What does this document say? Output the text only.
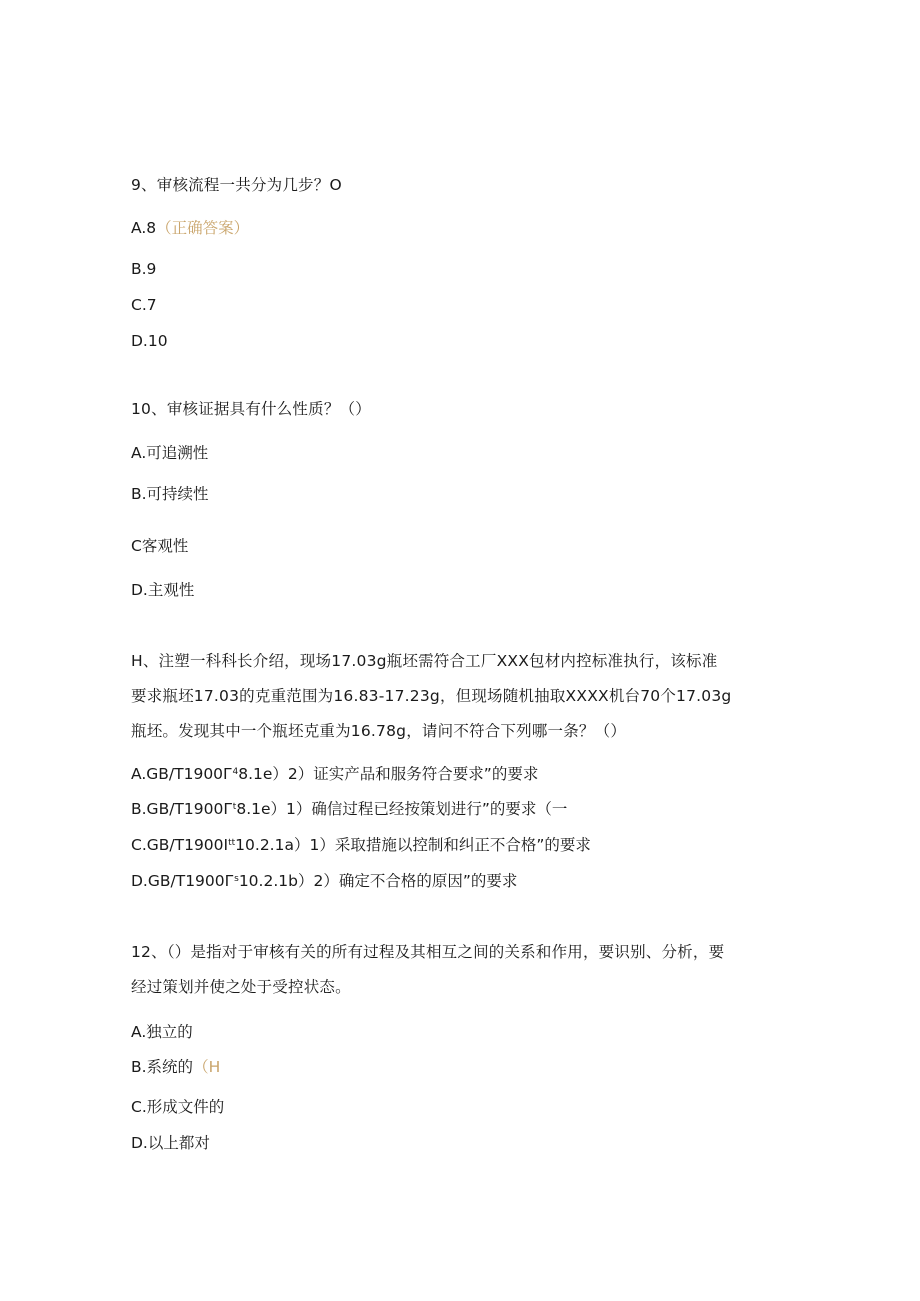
9、审核流程一共分为几步？O
A.8（正确答案）
B.9
C.7
D.10
10、审核证据具有什么性质？（）
A.可追溯性
B.可持续性
C客观性
D.主观性
H、注塑一科科长介绍，现场17.03g瓶坯需符合工厂XXX包材内控标准执行，该标准
要求瓶坯17.03的克重范围为16.83-17.23g，但现场随机抽取XXXX机台70个17.03g
瓶坯。发现其中一个瓶坯克重为16.78g，请问不符合下列哪一条？（）
$A.GB/T1900Г^48.1e)2$）证实产品和服务符合要求”的要求
$B.GB/T1900Г^t8.1e)1$）确信过程已经按策划进行”的要求（一
$C.GB/T1900I^{tt}10.2.1a)1$）采取措施以控制和纠正不合格”的要求
$D.GB/T1900Г^s10.2.1b)2$）确定不合格的原因”的要求
12、（）是指对于审核有关的所有过程及其相互之间的关系和作用，要识别、分析，要
经过策划并使之处于受控状态。
A.独立的
B.系统的（H
C.形成文件的
D.以上都对
